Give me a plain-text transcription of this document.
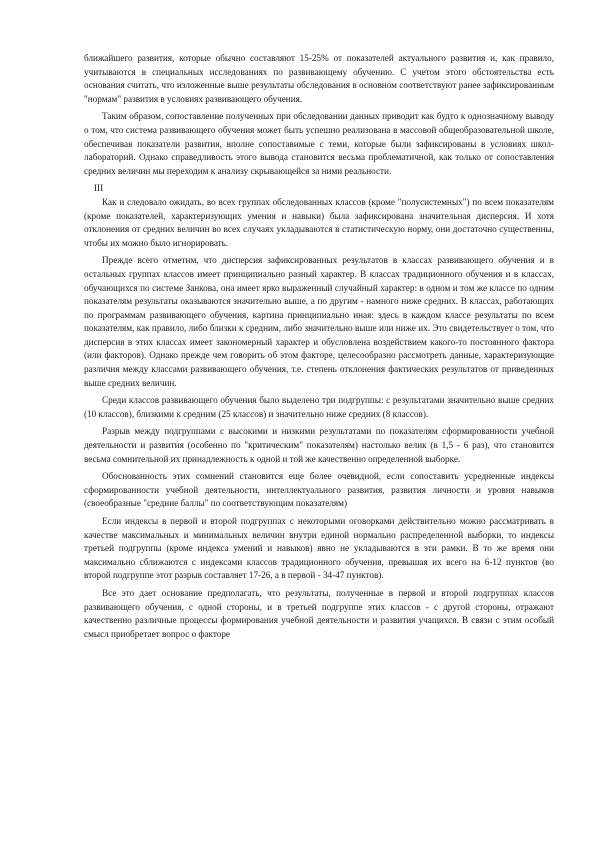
ближайшего развития, которые обычно составляют 15-25% от показателей актуального развития и, как правило, учитываются в специальных исследованиях по развивающему обучению. С учетом этого обстоятельства есть основания считать, что изложенные выше результаты обследования в основном соответствуют ранее зафиксированным "нормам" развития в условиях развивающего обучения.

Таким образом, сопоставление полученных при обследовании данных приводит как будто к однозначному выводу о том, что система развивающего обучения может быть успешно реализована в массовой общеобразовательной школе, обеспечивая показатели развития, вполне сопоставимые с теми, которые были зафиксированы в условиях школ-лабораторий. Однако справедливость этого вывода становится весьма проблематичной, как только от сопоставления средних величин мы переходим к анализу скрывающейся за ними реальности.

III

Как и следовало ожидать, во всех группах обследованных классов (кроме "полусистемных") по всем показателям (кроме показателей, характеризующих умения и навыки) была зафиксирована значительная дисперсия. И хотя отклонения от средних величин во всех случаях укладываются в статистическую норму, они достаточно существенны, чтобы их можно было игнорировать.

Прежде всего отметим, что дисперсия зафиксированных результатов в классах развивающего обучения и в остальных группах классов имеет принципиально разный характер. В классах традиционного обучения и в классах, обучающихся по системе Занкова, она имеет ярко выраженный случайный характер: в одном и том же классе по одним показателям результаты оказываются значительно выше, а по другим - намного ниже средних. В классах, работающих по программам развивающего обучения, картина принципиально иная: здесь в каждом классе результаты по всем показателям, как правило, либо близки к средним, либо значительно выше или ниже их. Это свидетельствует о том, что дисперсия в этих классах имеет закономерный характер и обусловлена воздействием какого-то постоянного фактора (или факторов). Однако прежде чем говорить об этом факторе, целесообразно рассмотреть данные, характеризующие различия между классами развивающего обучения, т.е. степень отклонения фактических результатов от приведенных выше средних величин.

Среди классов развивающего обучения было выделено три подгруппы: с результатами значительно выше средних (10 классов), близкими к средним (25 классов) и значительно ниже средних (8 классов).

Разрыв между подгруппами с высокими и низкими результатами по показателям сформированности учебной деятельности и развития (особенно по "критическим" показателям) настолько велик (в 1,5 - 6 раз), что становится весьма сомнительной их принадлежность к одной и той же качественно определенной выборке.

Обоснованность этих сомнений становится еще более очевидной, если сопоставить усредненные индексы сформированности учебной деятельности, интеллектуального развития, развития личности и уровня навыков (своеобразные "средние баллы" по соответствующим показателям)

Если индексы в первой и второй подгруппах с некоторыми оговорками действительно можно рассматривать в качестве максимальных и минимальных величин внутри единой нормально распределенной выборки, то индексы третьей подгруппы (кроме индекса умений и навыков) явно не укладываются в эти рамки. В то же время они максимально сближаются с индексами классов традиционного обучения, превышая их всего на 6-12 пунктов (во второй подгруппе этот разрыв составляет 17-26, а в первой - 34-47 пунктов).

Все это дает основание предполагать, что результаты, полученные в первой и второй подгруппах классов развивающего обучения, с одной стороны, и в третьей подгруппе этих классов - с другой стороны, отражают качественно различные процессы формирования учебной деятельности и развития учащихся. В связи с этим особый смысл приобретает вопрос о факторе
